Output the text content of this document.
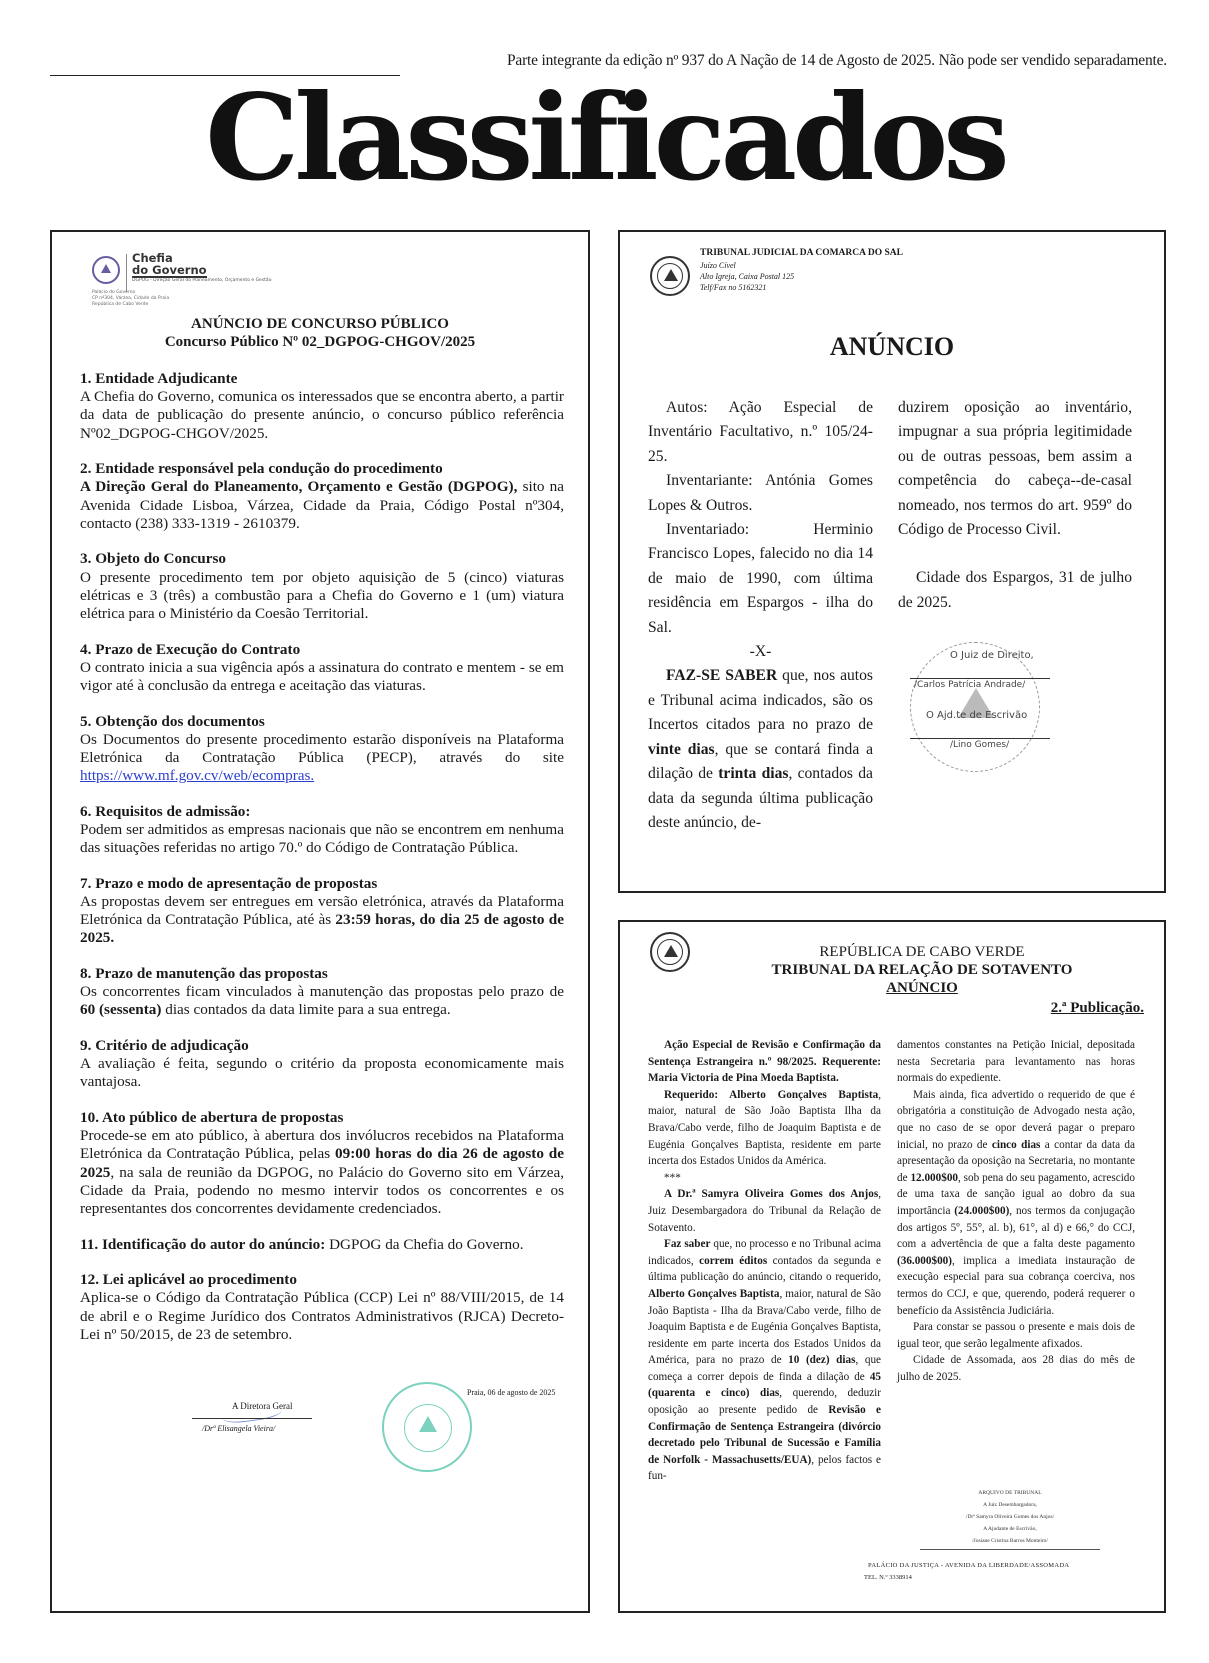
Parte integrante da edição nº 937 do A Nação de 14 de Agosto de 2025. Não pode ser vendido separadamente.
Classificados
Chefia
do Governo
DGPOG - Direção Geral do Planeamento, Orçamento e Gestão
Palácio do Governo
CP nº304, Várzea, Cidade da Praia
República de Cabo Verde
ANÚNCIO DE CONCURSO PÚBLICO
Concurso Público Nº 02_DGPOG-CHGOV/2025
1. Entidade Adjudicante

A Chefia do Governo, comunica os interessados que se encontra aberto, a partir da data de publicação do presente anúncio, o concurso público referência Nº02_DGPOG-CHGOV/2025.

2. Entidade responsável pela condução do procedimento

A Direção Geral do Planeamento, Orçamento e Gestão (DGPOG), sito na Avenida Cidade Lisboa, Várzea, Cidade da Praia, Código Postal nº304, contacto (238) 333-1319 - 2610379.

3. Objeto do Concurso

O presente procedimento tem por objeto aquisição de 5 (cinco) viaturas elétricas e 3 (três) a combustão para a Chefia do Governo e 1 (um) viatura elétrica para o Ministério da Coesão Territorial.

4. Prazo de Execução do Contrato

O contrato inicia a sua vigência após a assinatura do contrato e mentem - se em vigor até à conclusão da entrega e aceitação das viaturas.

5. Obtenção dos documentos

Os Documentos do presente procedimento estarão disponíveis na Plataforma Eletrónica da Contratação Pública (PECP), através do site https://www.mf.gov.cv/web/ecompras.

6. Requisitos de admissão:

Podem ser admitidos as empresas nacionais que não se encontrem em nenhuma das situações referidas no artigo 70.º do Código de Contratação Pública.

7. Prazo e modo de apresentação de propostas

As propostas devem ser entregues em versão eletrónica, através da Plataforma Eletrónica da Contratação Pública, até às 23:59 horas, do dia 25 de agosto de 2025.

8. Prazo de manutenção das propostas

Os concorrentes ficam vinculados à manutenção das propostas pelo prazo de 60 (sessenta) dias contados da data limite para a sua entrega.

9. Critério de adjudicação

A avaliação é feita, segundo o critério da proposta economicamente mais vantajosa.

10. Ato público de abertura de propostas

Procede-se em ato público, à abertura dos invólucros recebidos na Plataforma Eletrónica da Contratação Pública, pelas 09:00 horas do dia 26 de agosto de 2025, na sala de reunião da DGPOG, no Palácio do Governo sito em Várzea, Cidade da Praia, podendo no mesmo intervir todos os concorrentes e os representantes dos concorrentes devidamente credenciados.

11. Identificação do autor do anúncio: DGPOG da Chefia do Governo.

12. Lei aplicável ao procedimento

Aplica-se o Código da Contratação Pública (CCP) Lei nº 88/VIII/2015, de 14 de abril e o Regime Jurídico dos Contratos Administrativos (RJCA) Decreto-Lei nº 50/2015, de 23 de setembro.

Praia, 06 de agosto de 2025
A Diretora Geral
/Drª Elisangela Vieira/
TRIBUNAL JUDICIAL DA COMARCA DO SAL
Juízo Cível
Alto Igreja, Caixa Postal 125
Telf/Fax no 5162321
ANÚNCIO

Autos: Ação Especial de Inventário Facultativo, n.º 105/24-25.

Inventariante: Antónia Gomes Lopes & Outros.

Inventariado: Herminio Francisco Lopes, falecido no dia 14 de maio de 1990, com última residência em Espargos - ilha do Sal.

-X-

FAZ-SE SABER que, nos autos e Tribunal acima indicados, são os Incertos citados para no prazo de vinte dias, que se contará finda a dilação de trinta dias, contados da data da segunda última publicação deste anúncio, de-

duzirem oposição ao inventário, impugnar a sua própria legitimidade ou de outras pessoas, bem assim a competência do cabeça--de-casal nomeado, nos termos do art. 959º do Código de Processo Civil.

Cidade dos Espargos, 31 de julho de 2025.

O Juiz de Direito,
/Carlos Patrícia Andrade/
O Ajd.te de Escrivão
/Lino Gomes/
REPÚBLICA DE CABO VERDE
TRIBUNAL DA RELAÇÃO DE SOTAVENTO
ANÚNCIO
2.ª Publicação.

Ação Especial de Revisão e Confirmação da Sentença Estrangeira n.º 98/2025. Requerente: Maria Victoria de Pina Moeda Baptista.

Requerido: Alberto Gonçalves Baptista, maior, natural de São João Baptista Ilha da Brava/Cabo verde, filho de Joaquim Baptista e de Eugénia Gonçalves Baptista, residente em parte incerta dos Estados Unidos da América.

***

A Dr.ª Samyra Oliveira Gomes dos Anjos, Juiz Desembargadora do Tribunal da Relação de Sotavento.

Faz saber que, no processo e no Tribunal acima indicados, correm éditos contados da segunda e última publicação do anúncio, citando o requerido, Alberto Gonçalves Baptista, maior, natural de São João Baptista - Ilha da Brava/Cabo verde, filho de Joaquim Baptista e de Eugénia Gonçalves Baptista, residente em parte incerta dos Estados Unidos da América, para no prazo de 10 (dez) dias, que começa a correr depois de finda a dilação de 45 (quarenta e cinco) dias, querendo, deduzir oposição ao presente pedido de Revisão e Confirmação de Sentença Estrangeira (divórcio decretado pelo Tribunal de Sucessão e Família de Norfolk - Massachusetts/EUA), pelos factos e fun-

damentos constantes na Petição Inicial, depositada nesta Secretaria para levantamento nas horas normais do expediente.

Mais ainda, fica advertido o requerido de que é obrigatória a constituição de Advogado nesta ação, que no caso de se opor deverá pagar o preparo inicial, no prazo de cinco dias a contar da data da apresentação da oposição na Secretaria, no montante de 12.000$00, sob pena do seu pagamento, acrescido de uma taxa de sanção igual ao dobro da sua importância (24.000$00), nos termos da conjugação dos artigos 5º, 55°, al. b), 61°, al d) e 66,° do CCJ, com a advertência de que a falta deste pagamento (36.000$00), implica a imediata instauração de execução especial para sua cobrança coerciva, nos termos do CCJ, e que, querendo, poderá requerer o benefício da Assistência Judiciária.

Para constar se passou o presente e mais dois de igual teor, que serão legalmente afixados.

Cidade de Assomada, aos 28 dias do mês de julho de 2025.

ARQUIVO DE TRIBUNAL
A Juiz Desembargadora,
/Drª Samyra Oliveira Gomes dos Anjos/
A Ajudante de Escrivão,
/Josiane Cristina Barros Monteiro/
PALÁCIO DA JUSTIÇA - AVENIDA DA LIBERDADE/ASSOMADA
TEL. N.º 3338914
